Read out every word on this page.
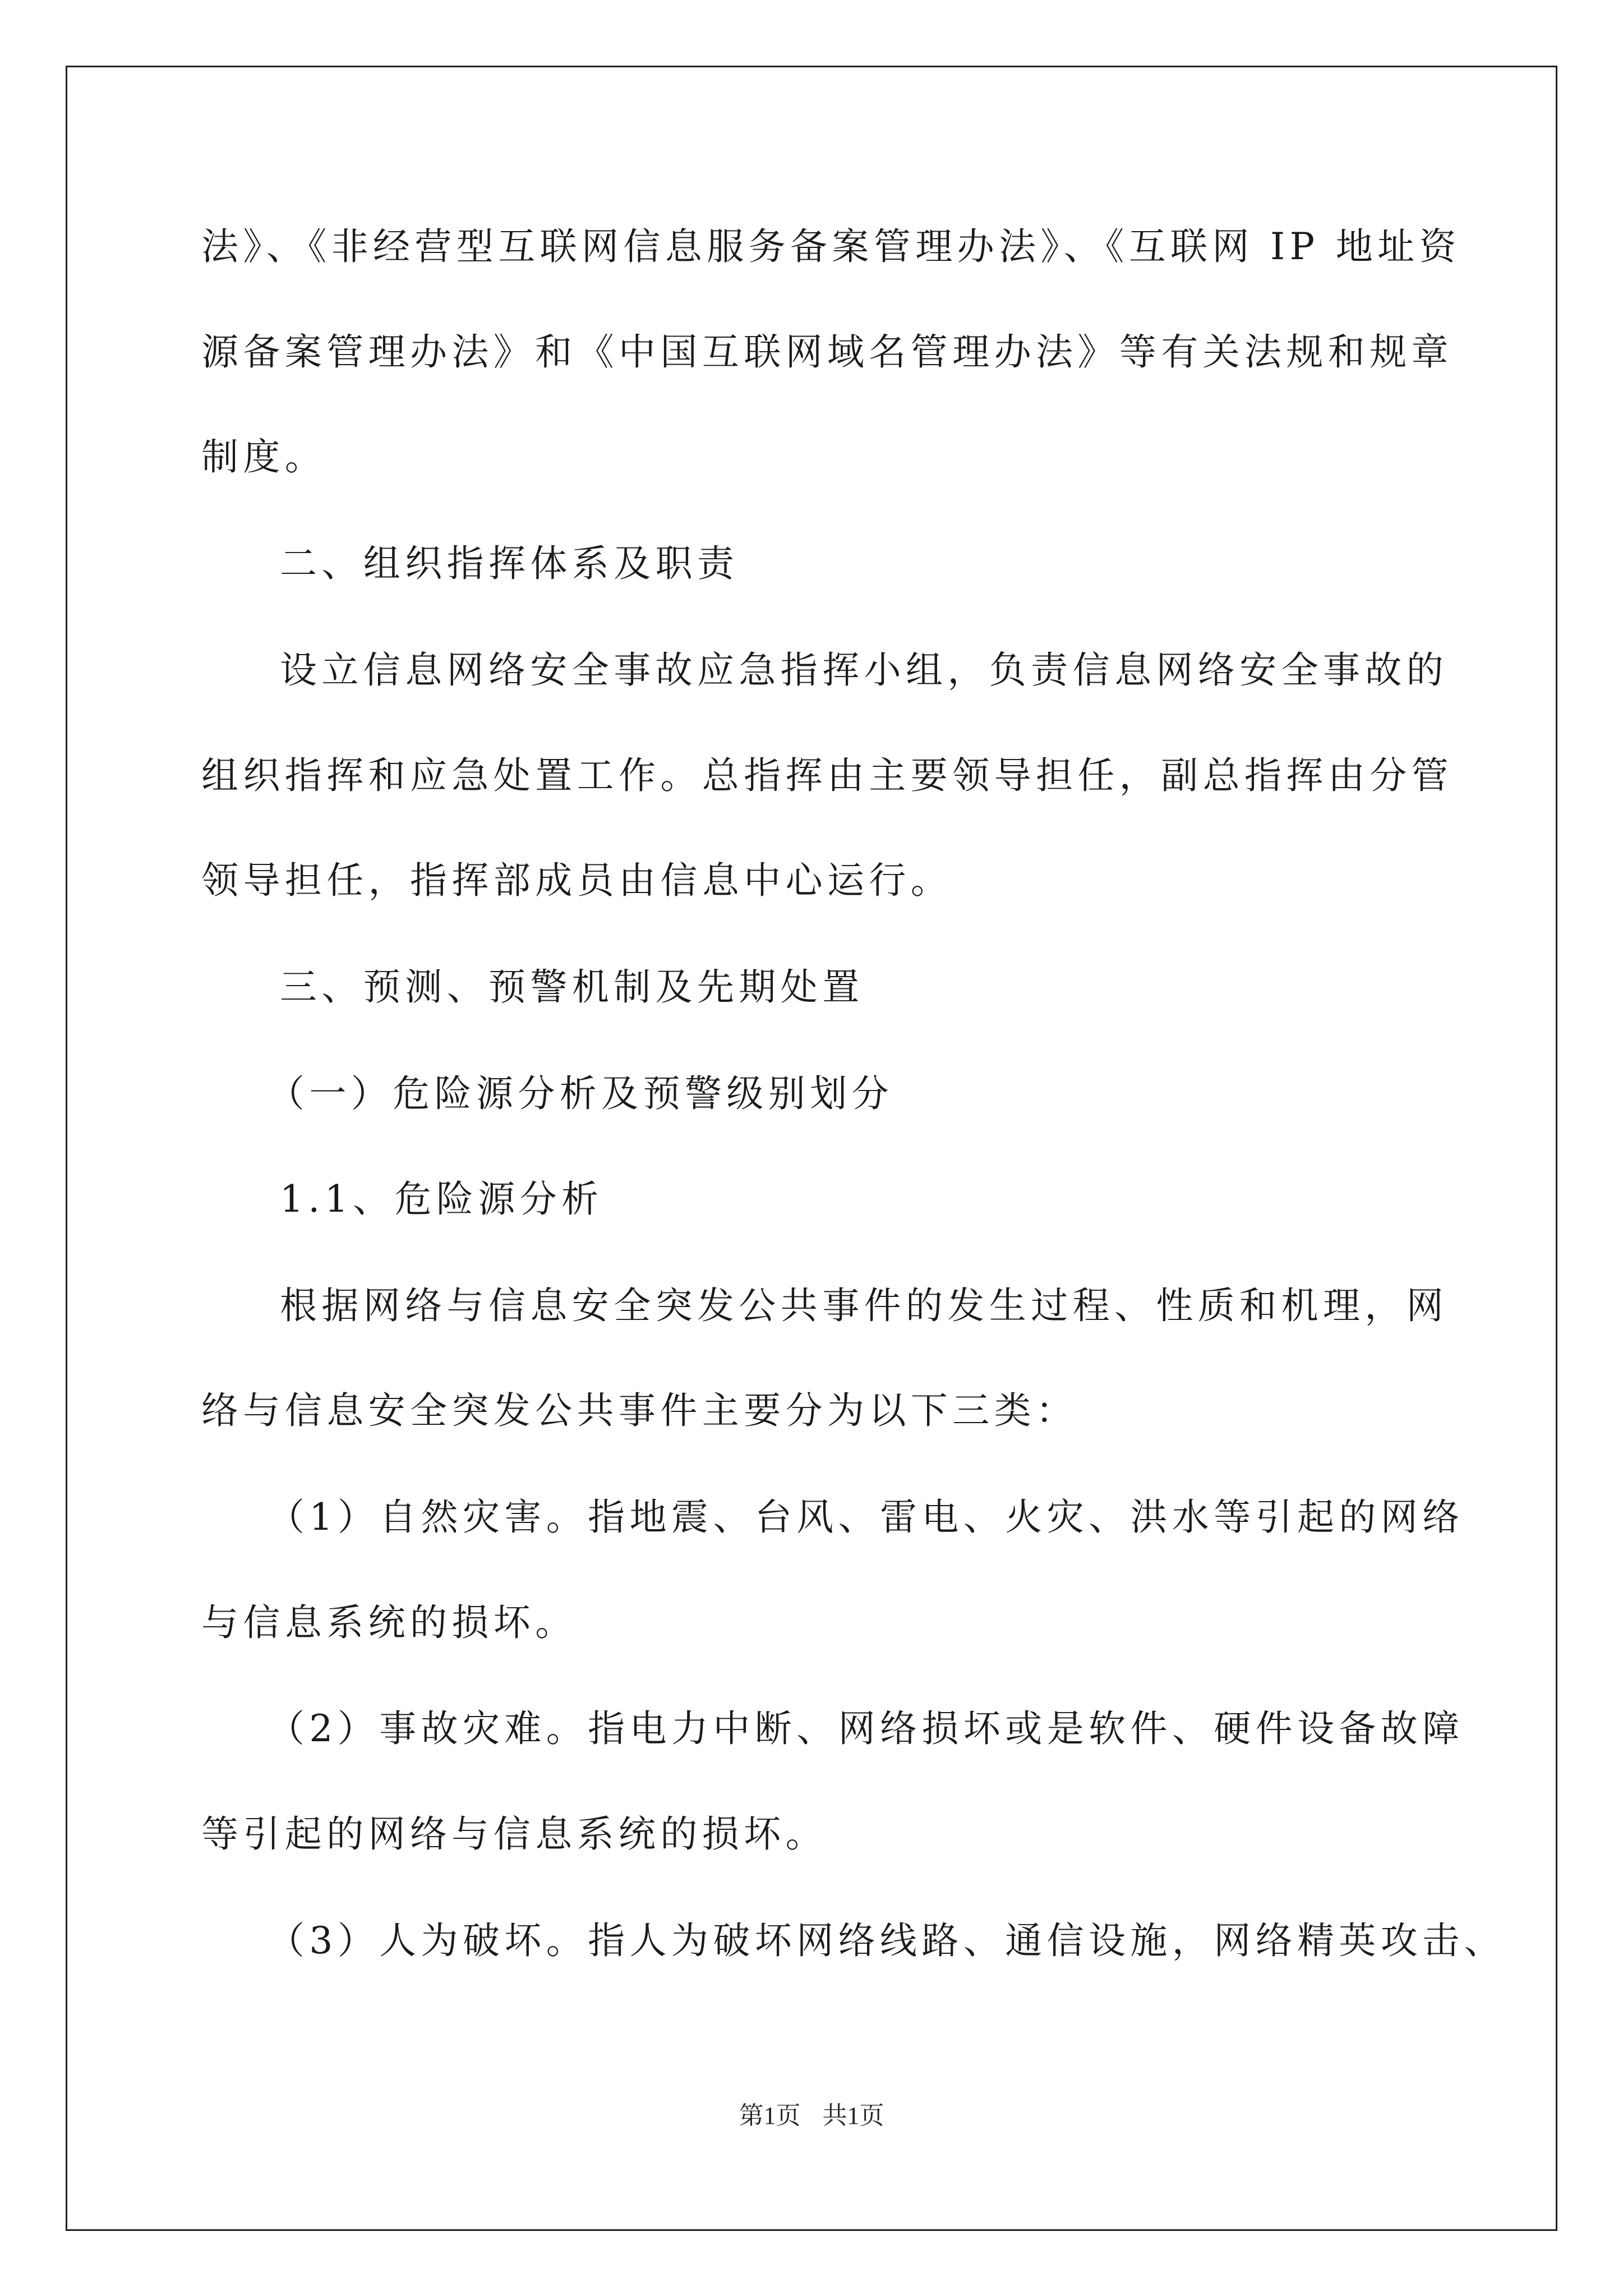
法》、《非经营型互联网信息服务备案管理办法》、《互联网 IP 地址资
源备案管理办法》和《中国互联网域名管理办法》等有关法规和规章
制度。
二、组织指挥体系及职责
设立信息网络安全事故应急指挥小组，负责信息网络安全事故的
组织指挥和应急处置工作。总指挥由主要领导担任，副总指挥由分管
领导担任，指挥部成员由信息中心运行。
三、预测、预警机制及先期处置
（一）危险源分析及预警级别划分
1.1、危险源分析
根据网络与信息安全突发公共事件的发生过程、性质和机理，网
络与信息安全突发公共事件主要分为以下三类：
（1）自然灾害。指地震、台风、雷电、火灾、洪水等引起的网络
与信息系统的损坏。
（2）事故灾难。指电力中断、网络损坏或是软件、硬件设备故障
等引起的网络与信息系统的损坏。
（3）人为破坏。指人为破坏网络线路、通信设施，网络精英攻击、
第1页 共1页
